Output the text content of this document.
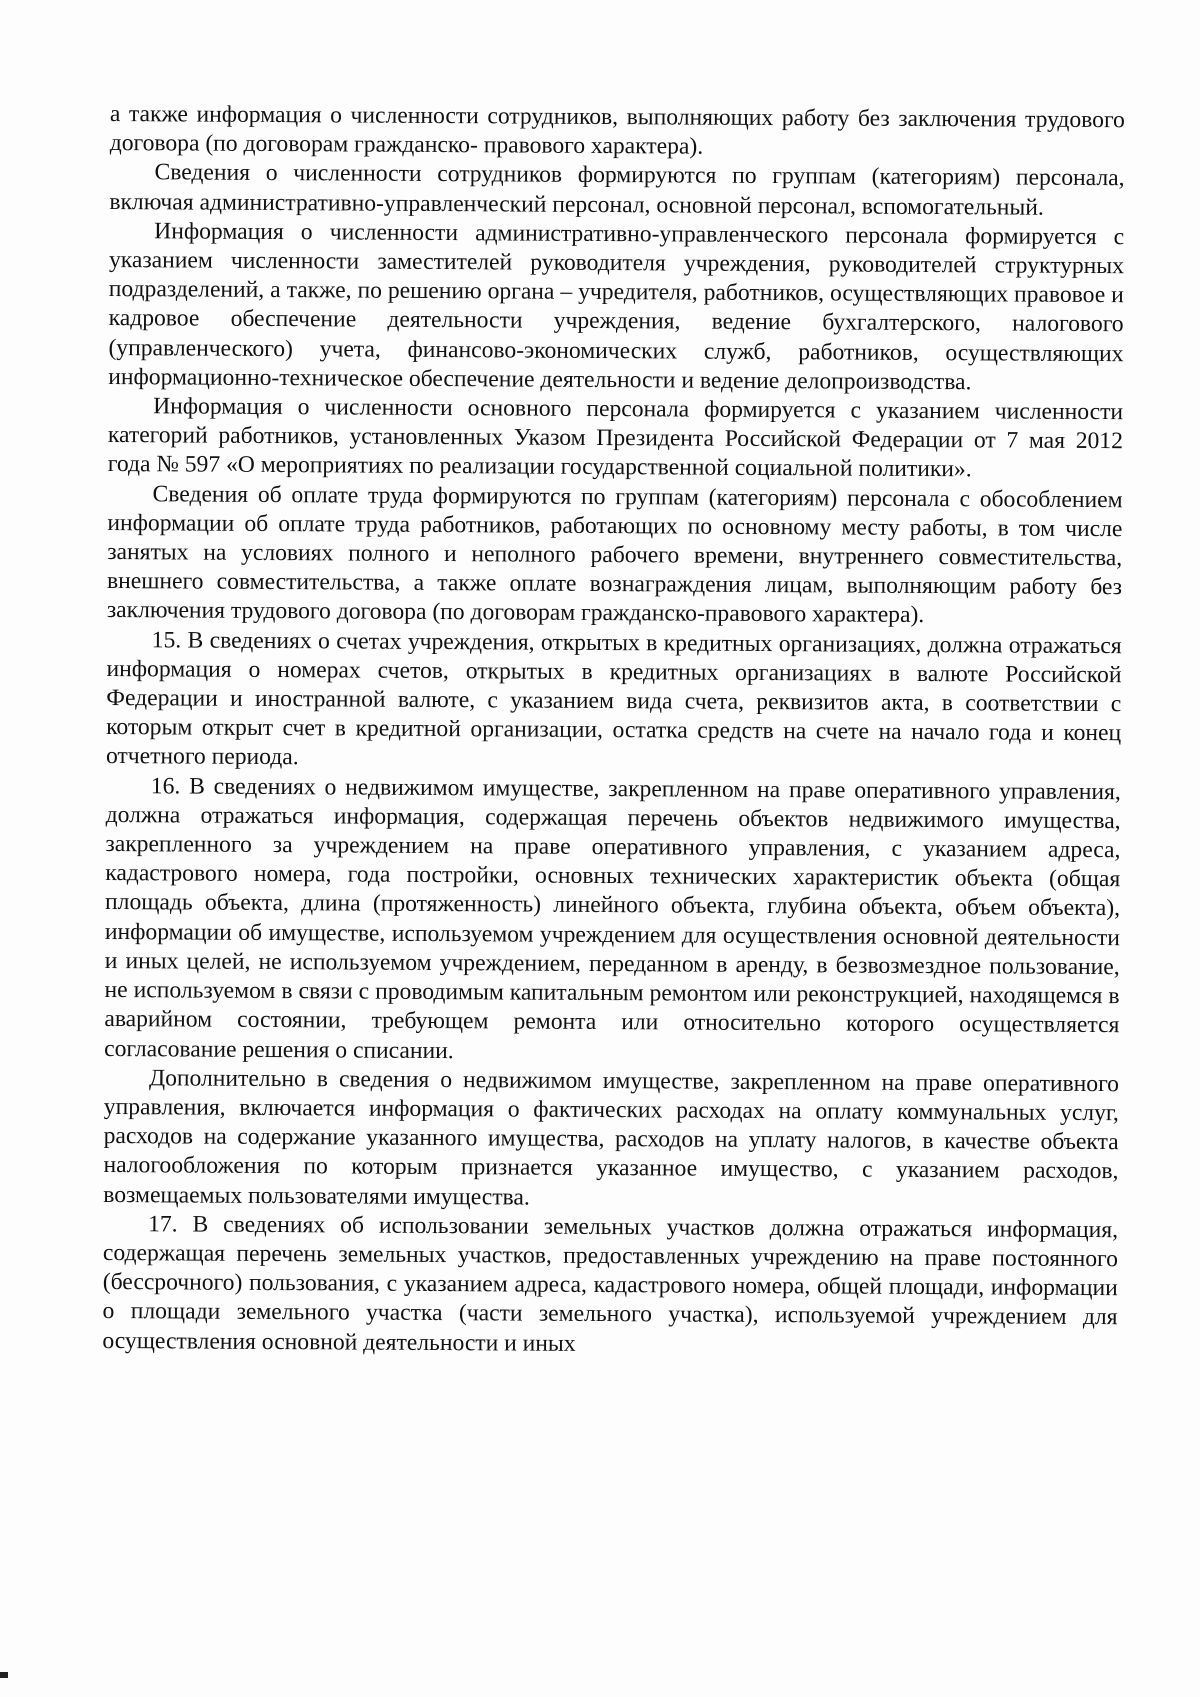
а также информация о численности сотрудников, выполняющих работу без заключения трудового договора (по договорам гражданско- правового характера).

Сведения о численности сотрудников формируются по группам (категориям) персонала, включая административно-управленческий персонал, основной персонал, вспомогательный.

Информация о численности административно-управленческого персонала формируется с указанием численности заместителей руководителя учреждения, руководителей структурных подразделений, а также, по решению органа – учредителя, работников, осуществляющих правовое и кадровое обеспечение деятельности учреждения, ведение бухгалтерского, налогового (управленческого) учета, финансово-экономических служб, работников, осуществляющих информационно-техническое обеспечение деятельности и ведение делопроизводства.

Информация о численности основного персонала формируется с указанием численности категорий работников, установленных Указом Президента Российской Федерации от 7 мая 2012 года № 597 «О мероприятиях по реализации государственной социальной политики».

Сведения об оплате труда формируются по группам (категориям) персонала с обособлением информации об оплате труда работников, работающих по основному месту работы, в том числе занятых на условиях полного и неполного рабочего времени, внутреннего совместительства, внешнего совместительства, а также оплате вознаграждения лицам, выполняющим работу без заключения трудового договора (по договорам гражданско-правового характера).

15. В сведениях о счетах учреждения, открытых в кредитных организациях, должна отражаться информация о номерах счетов, открытых в кредитных организациях в валюте Российской Федерации и иностранной валюте, с указанием вида счета, реквизитов акта, в соответствии с которым открыт счет в кредитной организации, остатка средств на счете на начало года и конец отчетного периода.

16. В сведениях о недвижимом имуществе, закрепленном на праве оперативного управления, должна отражаться информация, содержащая перечень объектов недвижимого имущества, закрепленного за учреждением на праве оперативного управления, с указанием адреса, кадастрового номера, года постройки, основных технических характеристик объекта (общая площадь объекта, длина (протяженность) линейного объекта, глубина объекта, объем объекта), информации об имуществе, используемом учреждением для осуществления основной деятельности и иных целей, не используемом учреждением, переданном в аренду, в безвозмездное пользование, не используемом в связи с проводимым капитальным ремонтом или реконструкцией, находящемся в аварийном состоянии, требующем ремонта или относительно которого осуществляется согласование решения о списании.

Дополнительно в сведения о недвижимом имуществе, закрепленном на праве оперативного управления, включается информация о фактических расходах на оплату коммунальных услуг, расходов на содержание указанного имущества, расходов на уплату налогов, в качестве объекта налогообложения по которым признается указанное имущество, с указанием расходов, возмещаемых пользователями имущества.

17. В сведениях об использовании земельных участков должна отражаться информация, содержащая перечень земельных участков, предоставленных учреждению на праве постоянного (бессрочного) пользования, с указанием адреса, кадастрового номера, общей площади, информации о площади земельного участка (части земельного участка), используемой учреждением для осуществления основной деятельности и иных
